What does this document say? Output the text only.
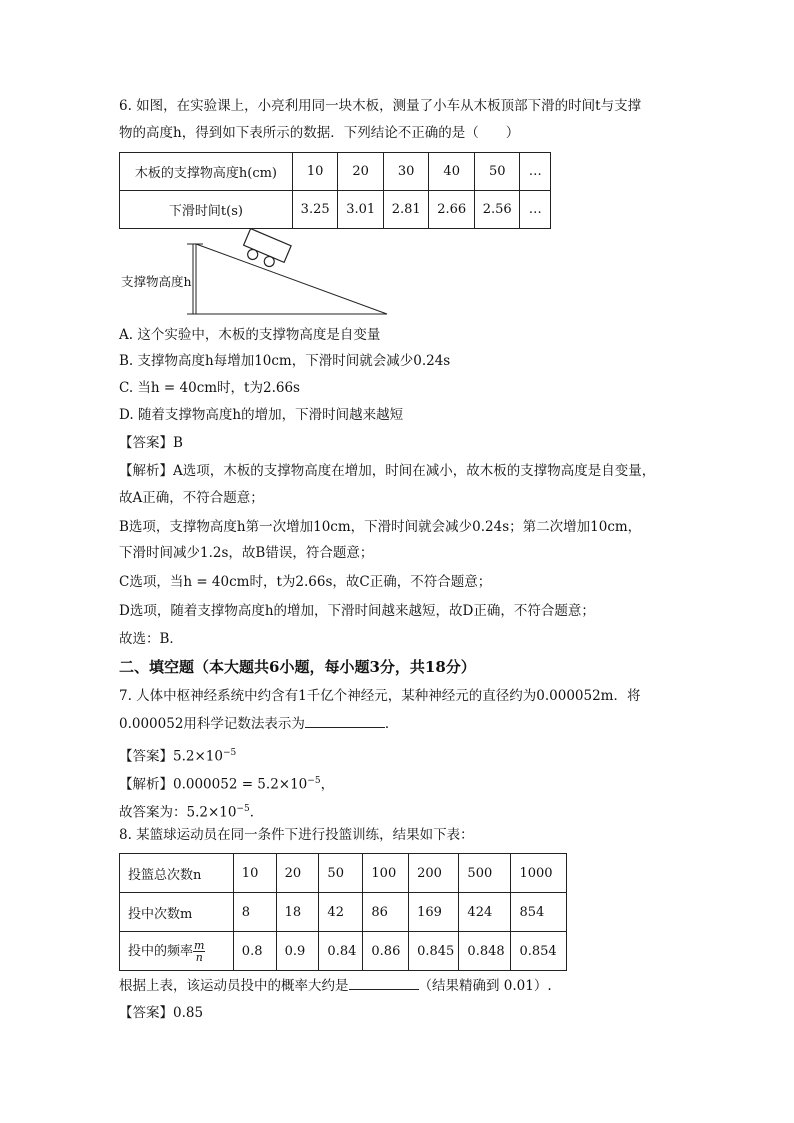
6. 如图，在实验课上，小亮利用同一块木板，测量了小车从木板顶部下滑的时间t与支撑
物的高度h，得到如下表所示的数据．下列结论不正确的是（　　）
木板的支撑物高度h(cm)	10	20	30	40	50	…
下滑时间t(s)	3.25	3.01	2.81	2.66	2.56	…
支撑物高度h
A. 这个实验中，木板的支撑物高度是自变量
B. 支撑物高度h每增加10cm，下滑时间就会减少0.24s
C. 当h = 40cm时，t为2.66s
D. 随着支撑物高度h的增加，下滑时间越来越短
【答案】B
【解析】A选项，木板的支撑物高度在增加，时间在减小，故木板的支撑物高度是自变量，
故A正确，不符合题意；
B选项，支撑物高度h第一次增加10cm，下滑时间就会减少0.24s；第二次增加10cm，
下滑时间减少1.2s，故B错误，符合题意；
C选项，当h = 40cm时，t为2.66s，故C正确，不符合题意；
D选项，随着支撑物高度h的增加，下滑时间越来越短，故D正确，不符合题意；
故选：B．
二、填空题（本大题共6小题，每小题3分，共18分）
7. 人体中枢神经系统中约含有1千亿个神经元，某种神经元的直径约为0.000052m．将
0.000052用科学记数法表示为	．
【答案】$5.2\times 10^{-5}$
【解析】$0.000052 = 5.2\times 10^{-5}$，
故答案为：$5.2\times 10^{-5}$．
8. 某篮球运动员在同一条件下进行投篮训练，结果如下表：
投篮总次数n	10	20	50	100	200	500	1000
投中次数m	8	18	42	86	169	424	854
投中的频率 $\frac{m}{n}$	0.8	0.9	0.84	0.86	0.845	0.848	0.854
根据上表，该运动员投中的概率大约是	（结果精确到 0.01）.
【答案】0.85
